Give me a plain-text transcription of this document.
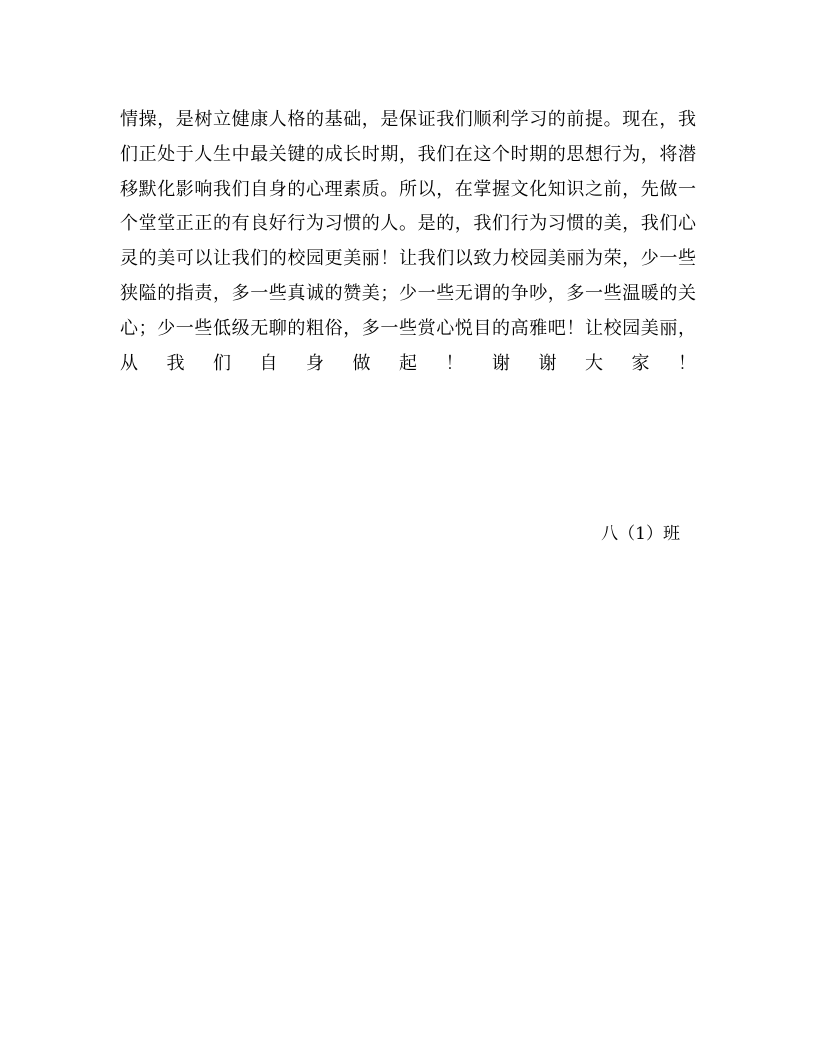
情操，是树立健康人格的基础，是保证我们顺利学习的前提。现在，我
们正处于人生中最关键的成长时期，我们在这个时期的思想行为，将潜
移默化影响我们自身的心理素质。所以，在掌握文化知识之前，先做一
个堂堂正正的有良好行为习惯的人。是的，我们行为习惯的美，我们心
灵的美可以让我们的校园更美丽！让我们以致力校园美丽为荣，少一些
狭隘的指责，多一些真诚的赞美；少一些无谓的争吵，多一些温暖的关
心；少一些低级无聊的粗俗，多一些赏心悦目的高雅吧！让校园美丽，
从 我 们 自 身 做 起 ！ 谢 谢 大 家 ！
八（1）班
